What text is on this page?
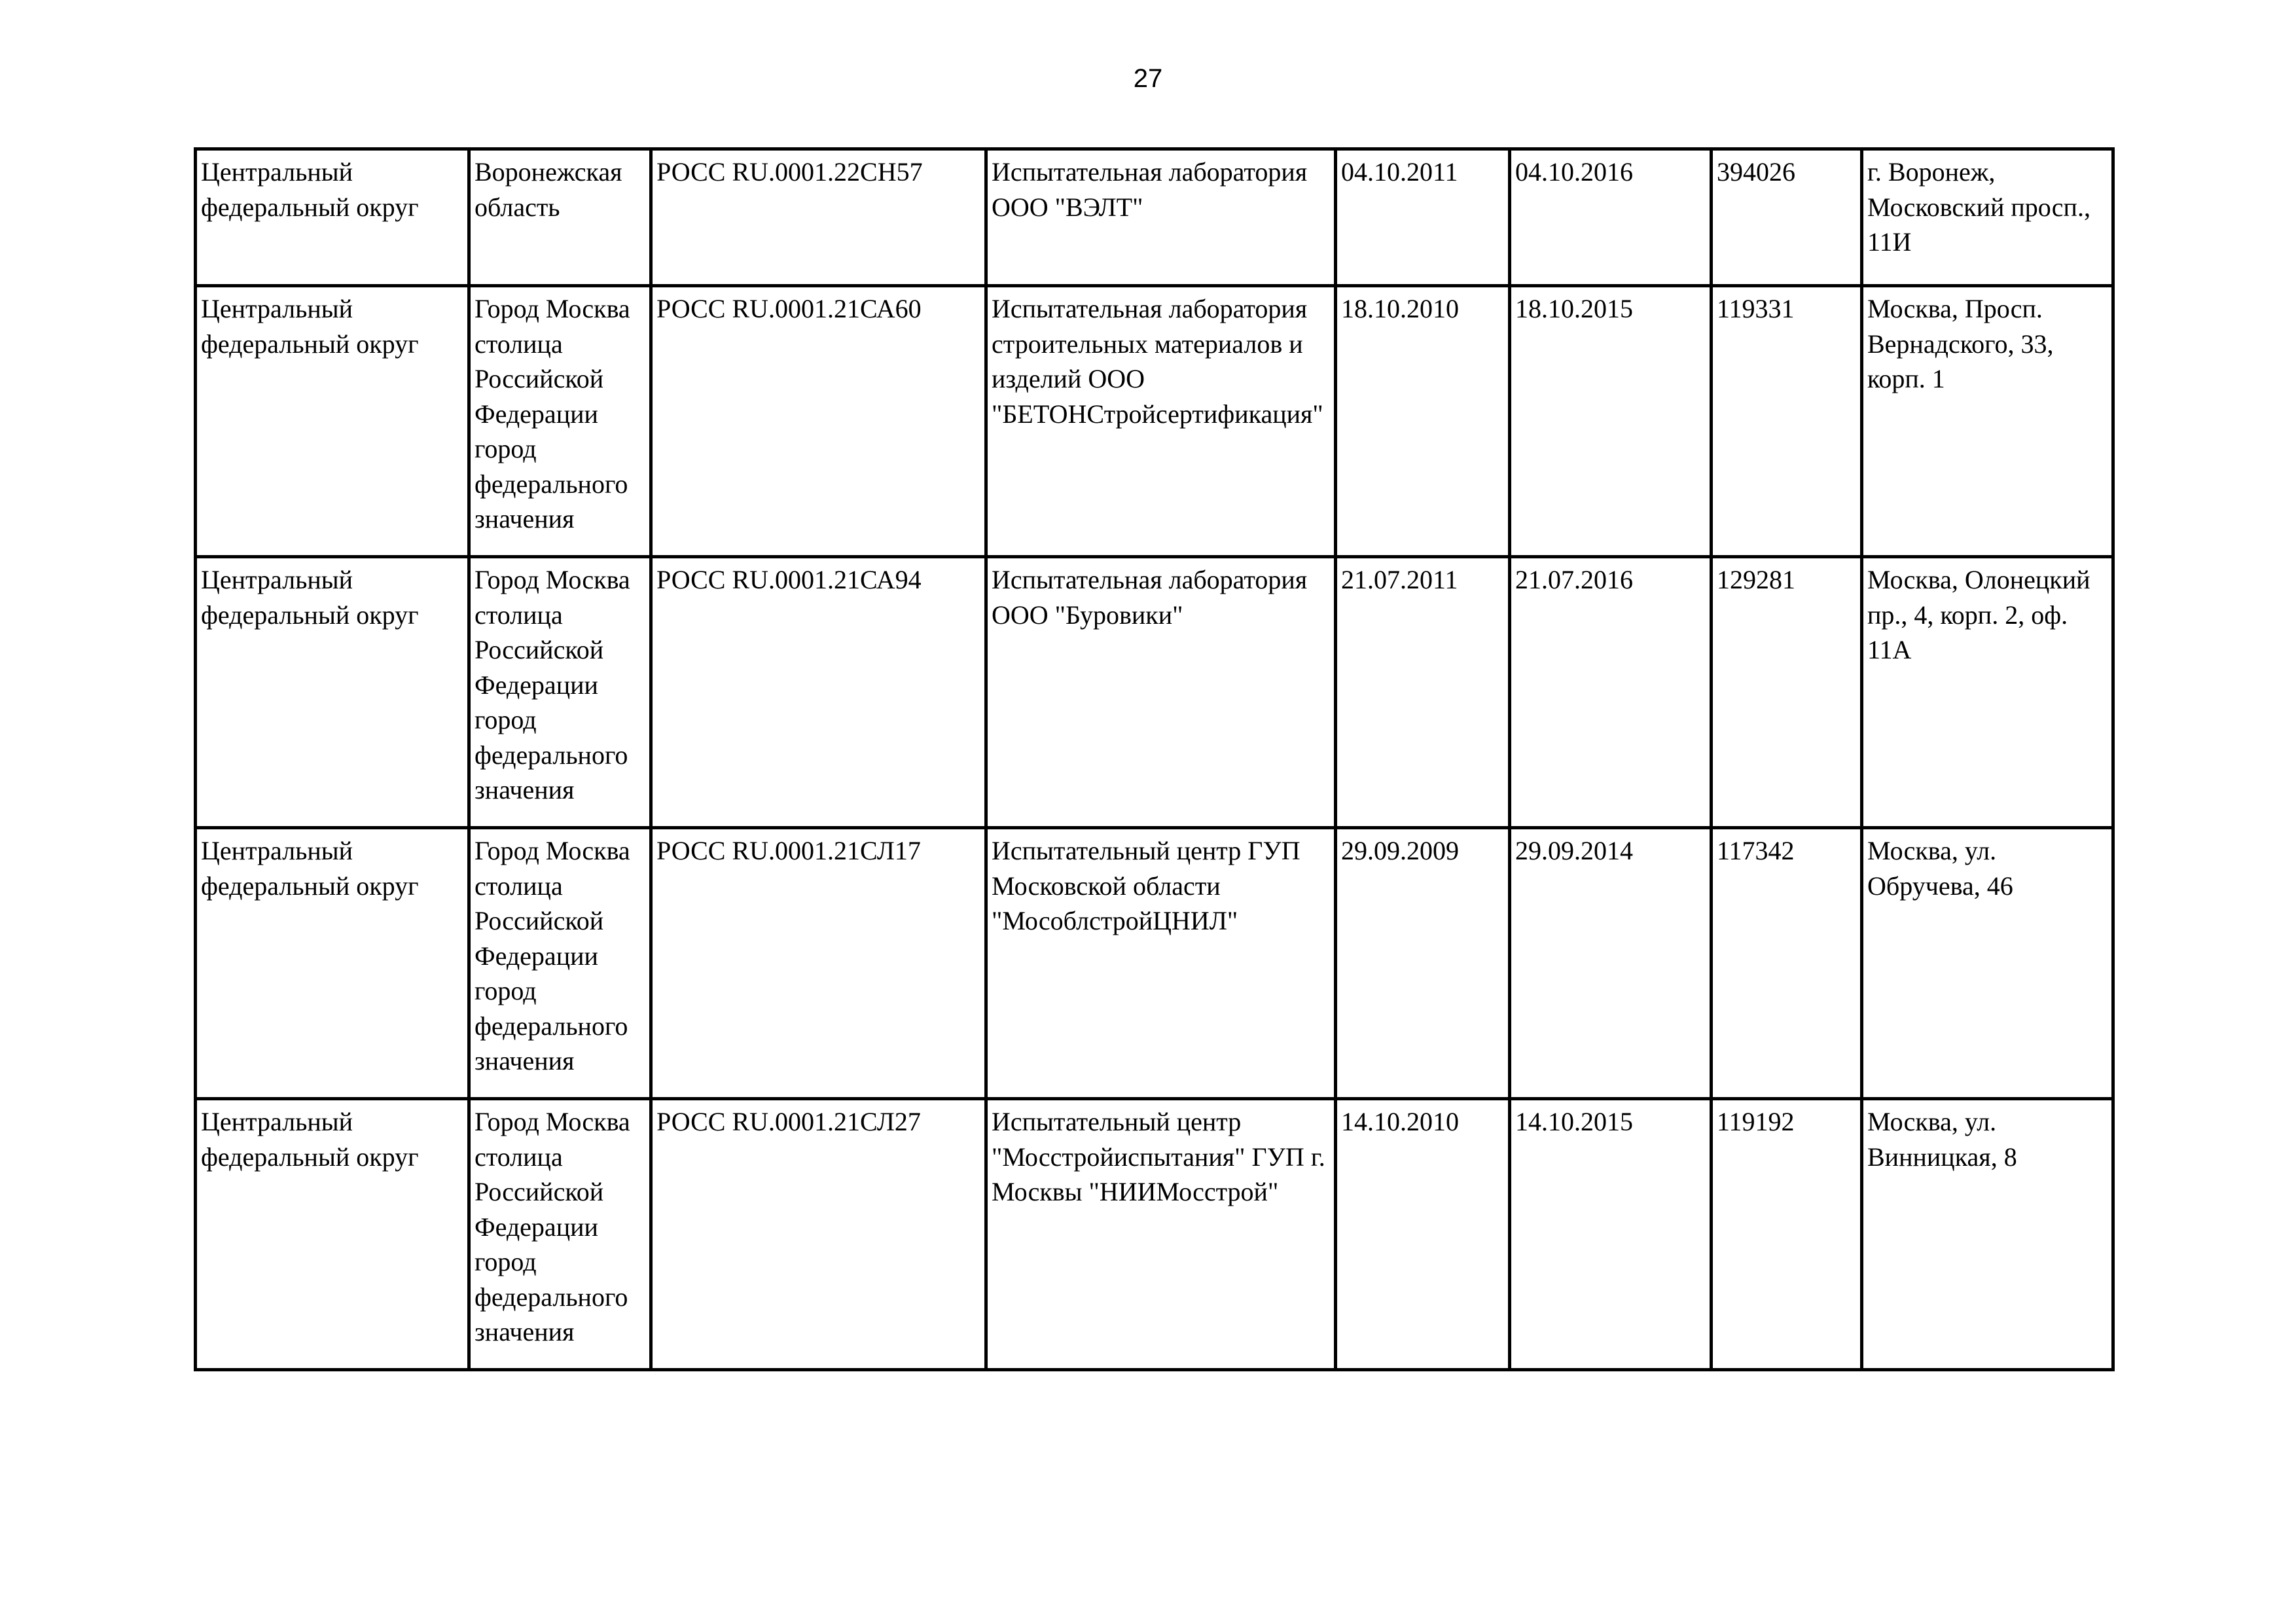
27
Центральный федеральный округ	Воронежская область	РОСС RU.0001.22СН57	Испытательная лаборатория ООО "ВЭЛТ"	04.10.2011	04.10.2016	394026	г. Воронеж, Московский просп., 11И

Центральный федеральный округ	Город Москва столица Российской Федерации город федерального значения	РОСС RU.0001.21СА60	Испытательная лаборатория строительных материалов и изделий ООО "БЕТОНСтройсертификация"	18.10.2010	18.10.2015	119331	Москва, Просп. Вернадского, 33, корп. 1

Центральный федеральный округ	Город Москва столица Российской Федерации город федерального значения	РОСС RU.0001.21СА94	Испытательная лаборатория ООО "Буровики"	21.07.2011	21.07.2016	129281	Москва, Олонецкий пр., 4, корп. 2, оф. 11А

Центральный федеральный округ	Город Москва столица Российской Федерации город федерального значения	РОСС RU.0001.21СЛ17	Испытательный центр ГУП Московской области "МособлстройЦНИЛ"	29.09.2009	29.09.2014	117342	Москва, ул. Обручева, 46

Центральный федеральный округ	Город Москва столица Российской Федерации город федерального значения	РОСС RU.0001.21СЛ27	Испытательный центр "Мосстройиспытания" ГУП г. Москвы "НИИМосстрой"	14.10.2010	14.10.2015	119192	Москва, ул. Винницкая, 8
